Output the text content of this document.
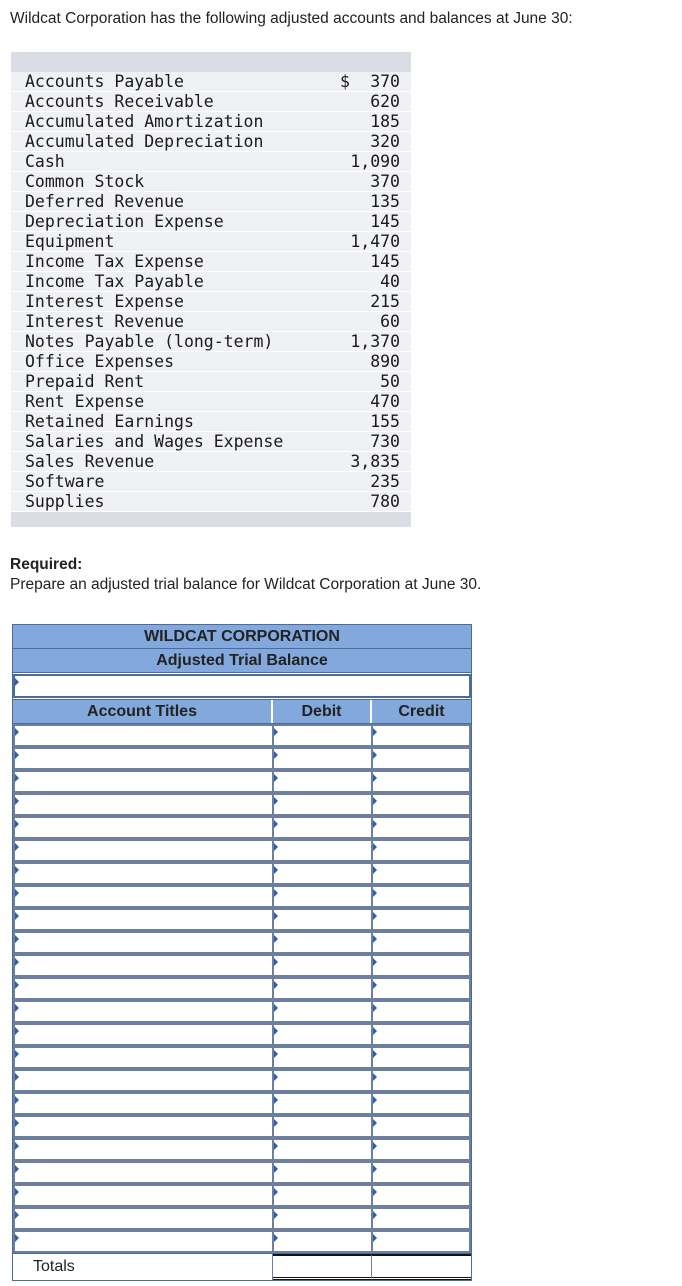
Wildcat Corporation has the following adjusted accounts and balances at June 30:
Accounts Payable	$	370
Accounts Receivable	620
Accumulated Amortization	185
Accumulated Depreciation	320
Cash	1,090
Common Stock	370
Deferred Revenue	135
Depreciation Expense	145
Equipment	1,470
Income Tax Expense	145
Income Tax Payable	40
Interest Expense	215
Interest Revenue	60
Notes Payable (long-term)	1,370
Office Expenses	890
Prepaid Rent	50
Rent Expense	470
Retained Earnings	155
Salaries and Wages Expense	730
Sales Revenue	3,835
Software	235
Supplies	780
Required:
Prepare an adjusted trial balance for Wildcat Corporation at June 30.
WILDCAT CORPORATION
Adjusted Trial Balance
Account Titles	Debit	Credit
Totals
